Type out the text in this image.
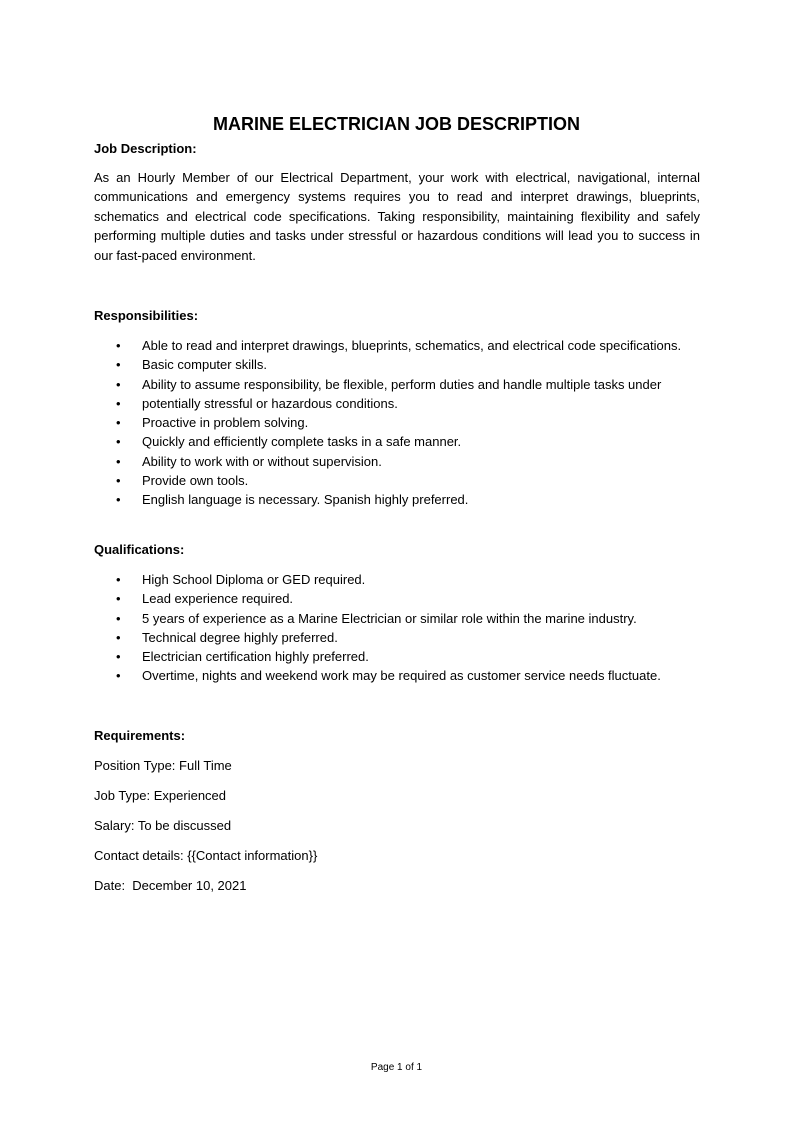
MARINE ELECTRICIAN JOB DESCRIPTION
Job Description:

As an Hourly Member of our Electrical Department, your work with electrical, navigational, internal communications and emergency systems requires you to read and interpret drawings, blueprints, schematics and electrical code specifications. Taking responsibility, maintaining flexibility and safely performing multiple duties and tasks under stressful or hazardous conditions will lead you to success in our fast-paced environment.

Responsibilities:
• Able to read and interpret drawings, blueprints, schematics, and electrical code specifications.
• Basic computer skills.
• Ability to assume responsibility, be flexible, perform duties and handle multiple tasks under
• potentially stressful or hazardous conditions.
• Proactive in problem solving.
• Quickly and efficiently complete tasks in a safe manner.
• Ability to work with or without supervision.
• Provide own tools.
• English language is necessary. Spanish highly preferred.
Qualifications:
• High School Diploma or GED required.
• Lead experience required.
• 5 years of experience as a Marine Electrician or similar role within the marine industry.
• Technical degree highly preferred.
• Electrician certification highly preferred.
• Overtime, nights and weekend work may be required as customer service needs fluctuate.
Requirements:
Position Type: Full Time
Job Type: Experienced
Salary: To be discussed
Contact details: {{Contact information}}
Date:  December 10, 2021
Page 1 of 1
